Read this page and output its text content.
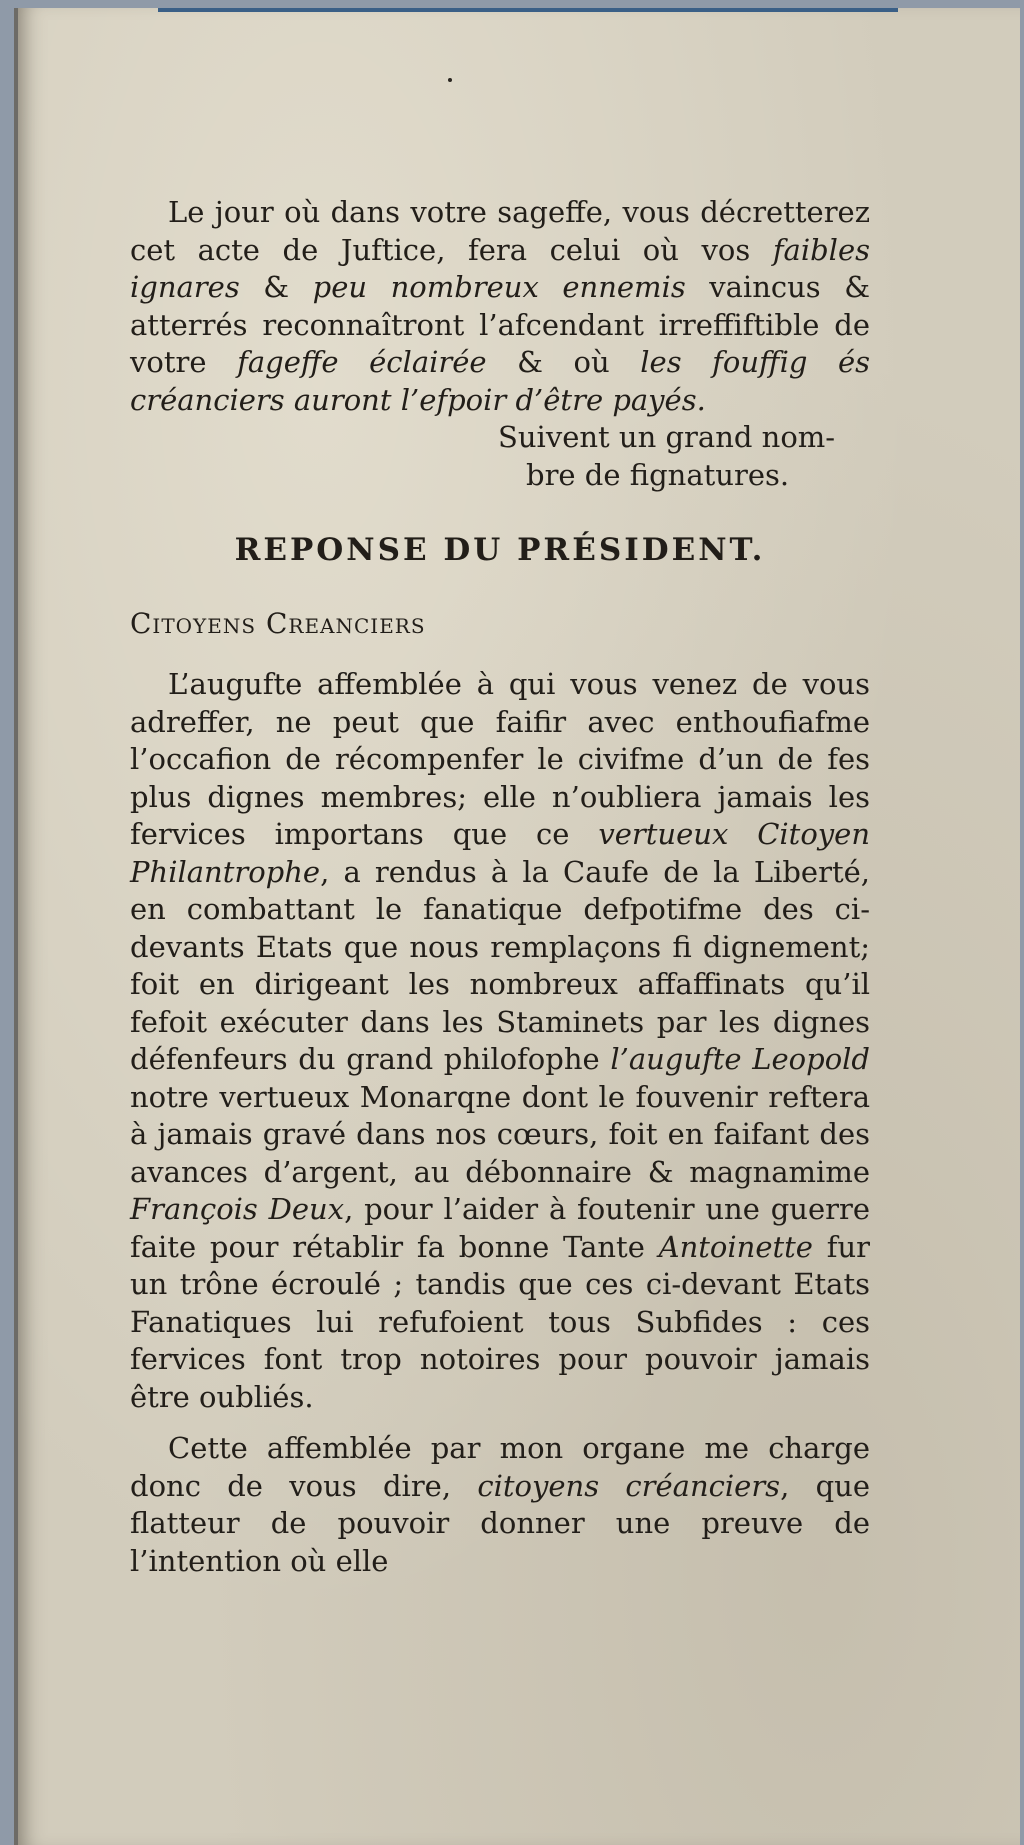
Le jour où dans votre sageffe, vous décretterez cet acte de Juftice, fera celui où vos faibles ignares & peu nombreux ennemis vaincus & atterrés reconnaîtront l’afcendant irreffiftible de votre fageffe éclairée & où les fouffig és créanciers auront l’efpoir d’être payés.

Suivent un grand nom-
bre de fignatures.

REPONSE DU PRÉSIDENT.

Citoyens Creanciers

L’augufte affemblée à qui vous venez de vous adreffer, ne peut que faifir avec enthoufiafme l’occafion de récompenfer le civifme d’un de fes plus dignes membres; elle n’oubliera jamais les fervices importans que ce vertueux Citoyen Philantrophe, a rendus à la Caufe de la Liberté, en combattant le fanatique defpotifme des ci-devants Etats que nous remplaçons fi dignement; foit en dirigeant les nombreux affaffinats qu’il fefoit exécuter dans les Staminets par les dignes défenfeurs du grand philofophe l’augufte Leopold notre vertueux Monarqne dont le fouvenir reftera à jamais gravé dans nos cœurs, foit en faifant des avances d’argent, au débonnaire & magnamime François Deux, pour l’aider à foutenir une guerre faite pour rétablir fa bonne Tante Antoinette fur un trône écroulé ; tandis que ces ci-devant Etats Fanatiques lui refufoient tous Subfides : ces fervices font trop notoires pour pouvoir jamais être oubliés.

Cette affemblée par mon organe me charge donc de vous dire, citoyens créanciers, que flatteur de pouvoir donner une preuve de l’intention où elle
